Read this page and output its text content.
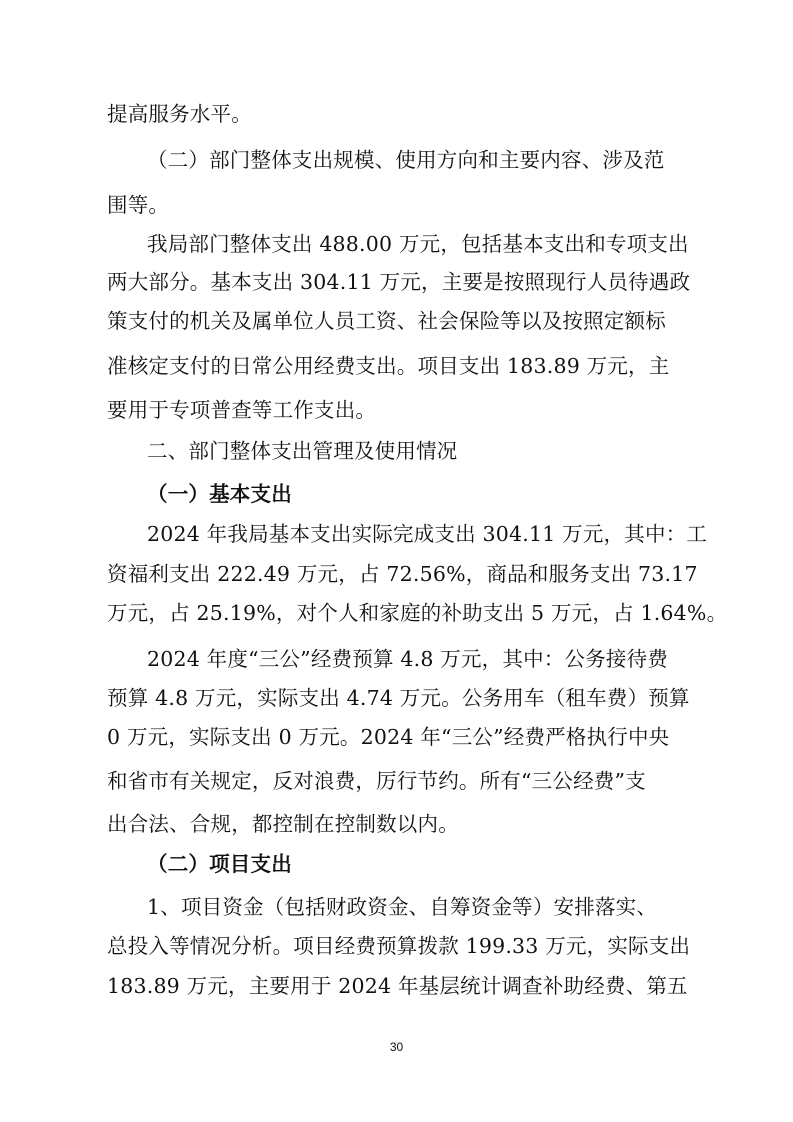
提高服务水平。
（二）部门整体支出规模、使用方向和主要内容、涉及范
围等。
我局部门整体支出 488.00 万元，包括基本支出和专项支出
两大部分。基本支出 304.11 万元，主要是按照现行人员待遇政
策支付的机关及属单位人员工资、社会保险等以及按照定额标
准核定支付的日常公用经费支出。项目支出 183.89 万元，主
要用于专项普查等工作支出。
二、部门整体支出管理及使用情况
（一）基本支出
2024 年我局基本支出实际完成支出 304.11 万元，其中：工
资福利支出 222.49 万元，占 72.56%，商品和服务支出 73.17
万元，占 25.19%，对个人和家庭的补助支出 5 万元，占 1.64%。
2024 年度“三公”经费预算 4.8 万元，其中：公务接待费
预算 4.8 万元，实际支出 4.74 万元。公务用车（租车费）预算
0 万元，实际支出 0 万元。2024 年“三公”经费严格执行中央
和省市有关规定，反对浪费，厉行节约。所有“三公经费”支
出合法、合规，都控制在控制数以内。
（二）项目支出
1、项目资金（包括财政资金、自筹资金等）安排落实、
总投入等情况分析。项目经费预算拨款 199.33 万元，实际支出
183.89 万元，主要用于 2024 年基层统计调查补助经费、第五
30
